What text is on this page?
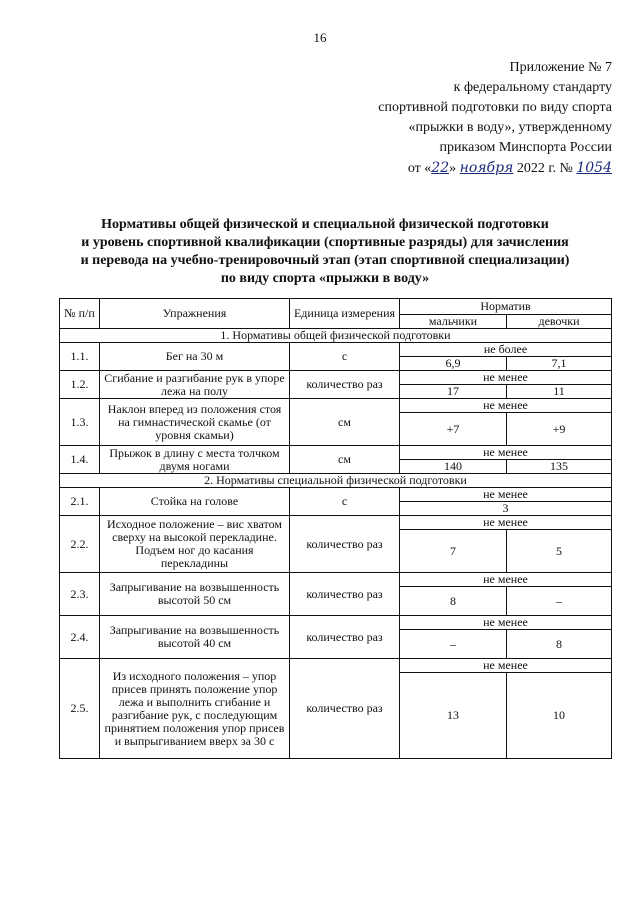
16
Приложение № 7
к федеральному стандарту
спортивной подготовки по виду спорта
«прыжки в воду», утвержденному
приказом Минспорта России
от «22» ноября 2022 г. № 1054
Нормативы общей физической и специальной физической подготовки
и уровень спортивной квалификации (спортивные разряды) для зачисления
и перевода на учебно-тренировочный этап (этап спортивной специализации)
по виду спорта «прыжки в воду»
№ п/п	Упражнения	Единица измерения	Норматив	
			мальчики	девочки
1. Нормативы общей физической подготовки				
1.1.	Бег на 30 м	с	не более	
			6,9	7,1
1.2.	Сгибание и разгибание рук в упоре лежа на полу	количество раз	не менее	
			17	11
1.3.	Наклон вперед из положения стоя на гимнастической скамье (от уровня скамьи)	см	не менее	
			+7	+9
1.4.	Прыжок в длину с места толчком двумя ногами	см	не менее	
			140	135
2. Нормативы специальной физической подготовки				
2.1.	Стойка на голове	с	не менее	
			3	
2.2.	Исходное положение – вис хватом сверху на высокой перекладине. Подъем ног до касания перекладины	количество раз	не менее	
			7	5
2.3.	Запрыгивание на возвышенность высотой 50 см	количество раз	не менее	
			8	–
2.4.	Запрыгивание на возвышенность высотой 40 см	количество раз	не менее	
			–	8
2.5.	Из исходного положения – упор присев принять положение упор лежа и выполнить сгибание и разгибание рук, с последующим принятием положения упор присев и выпрыгиванием вверх за 30 с	количество раз	не менее	
			13	10
